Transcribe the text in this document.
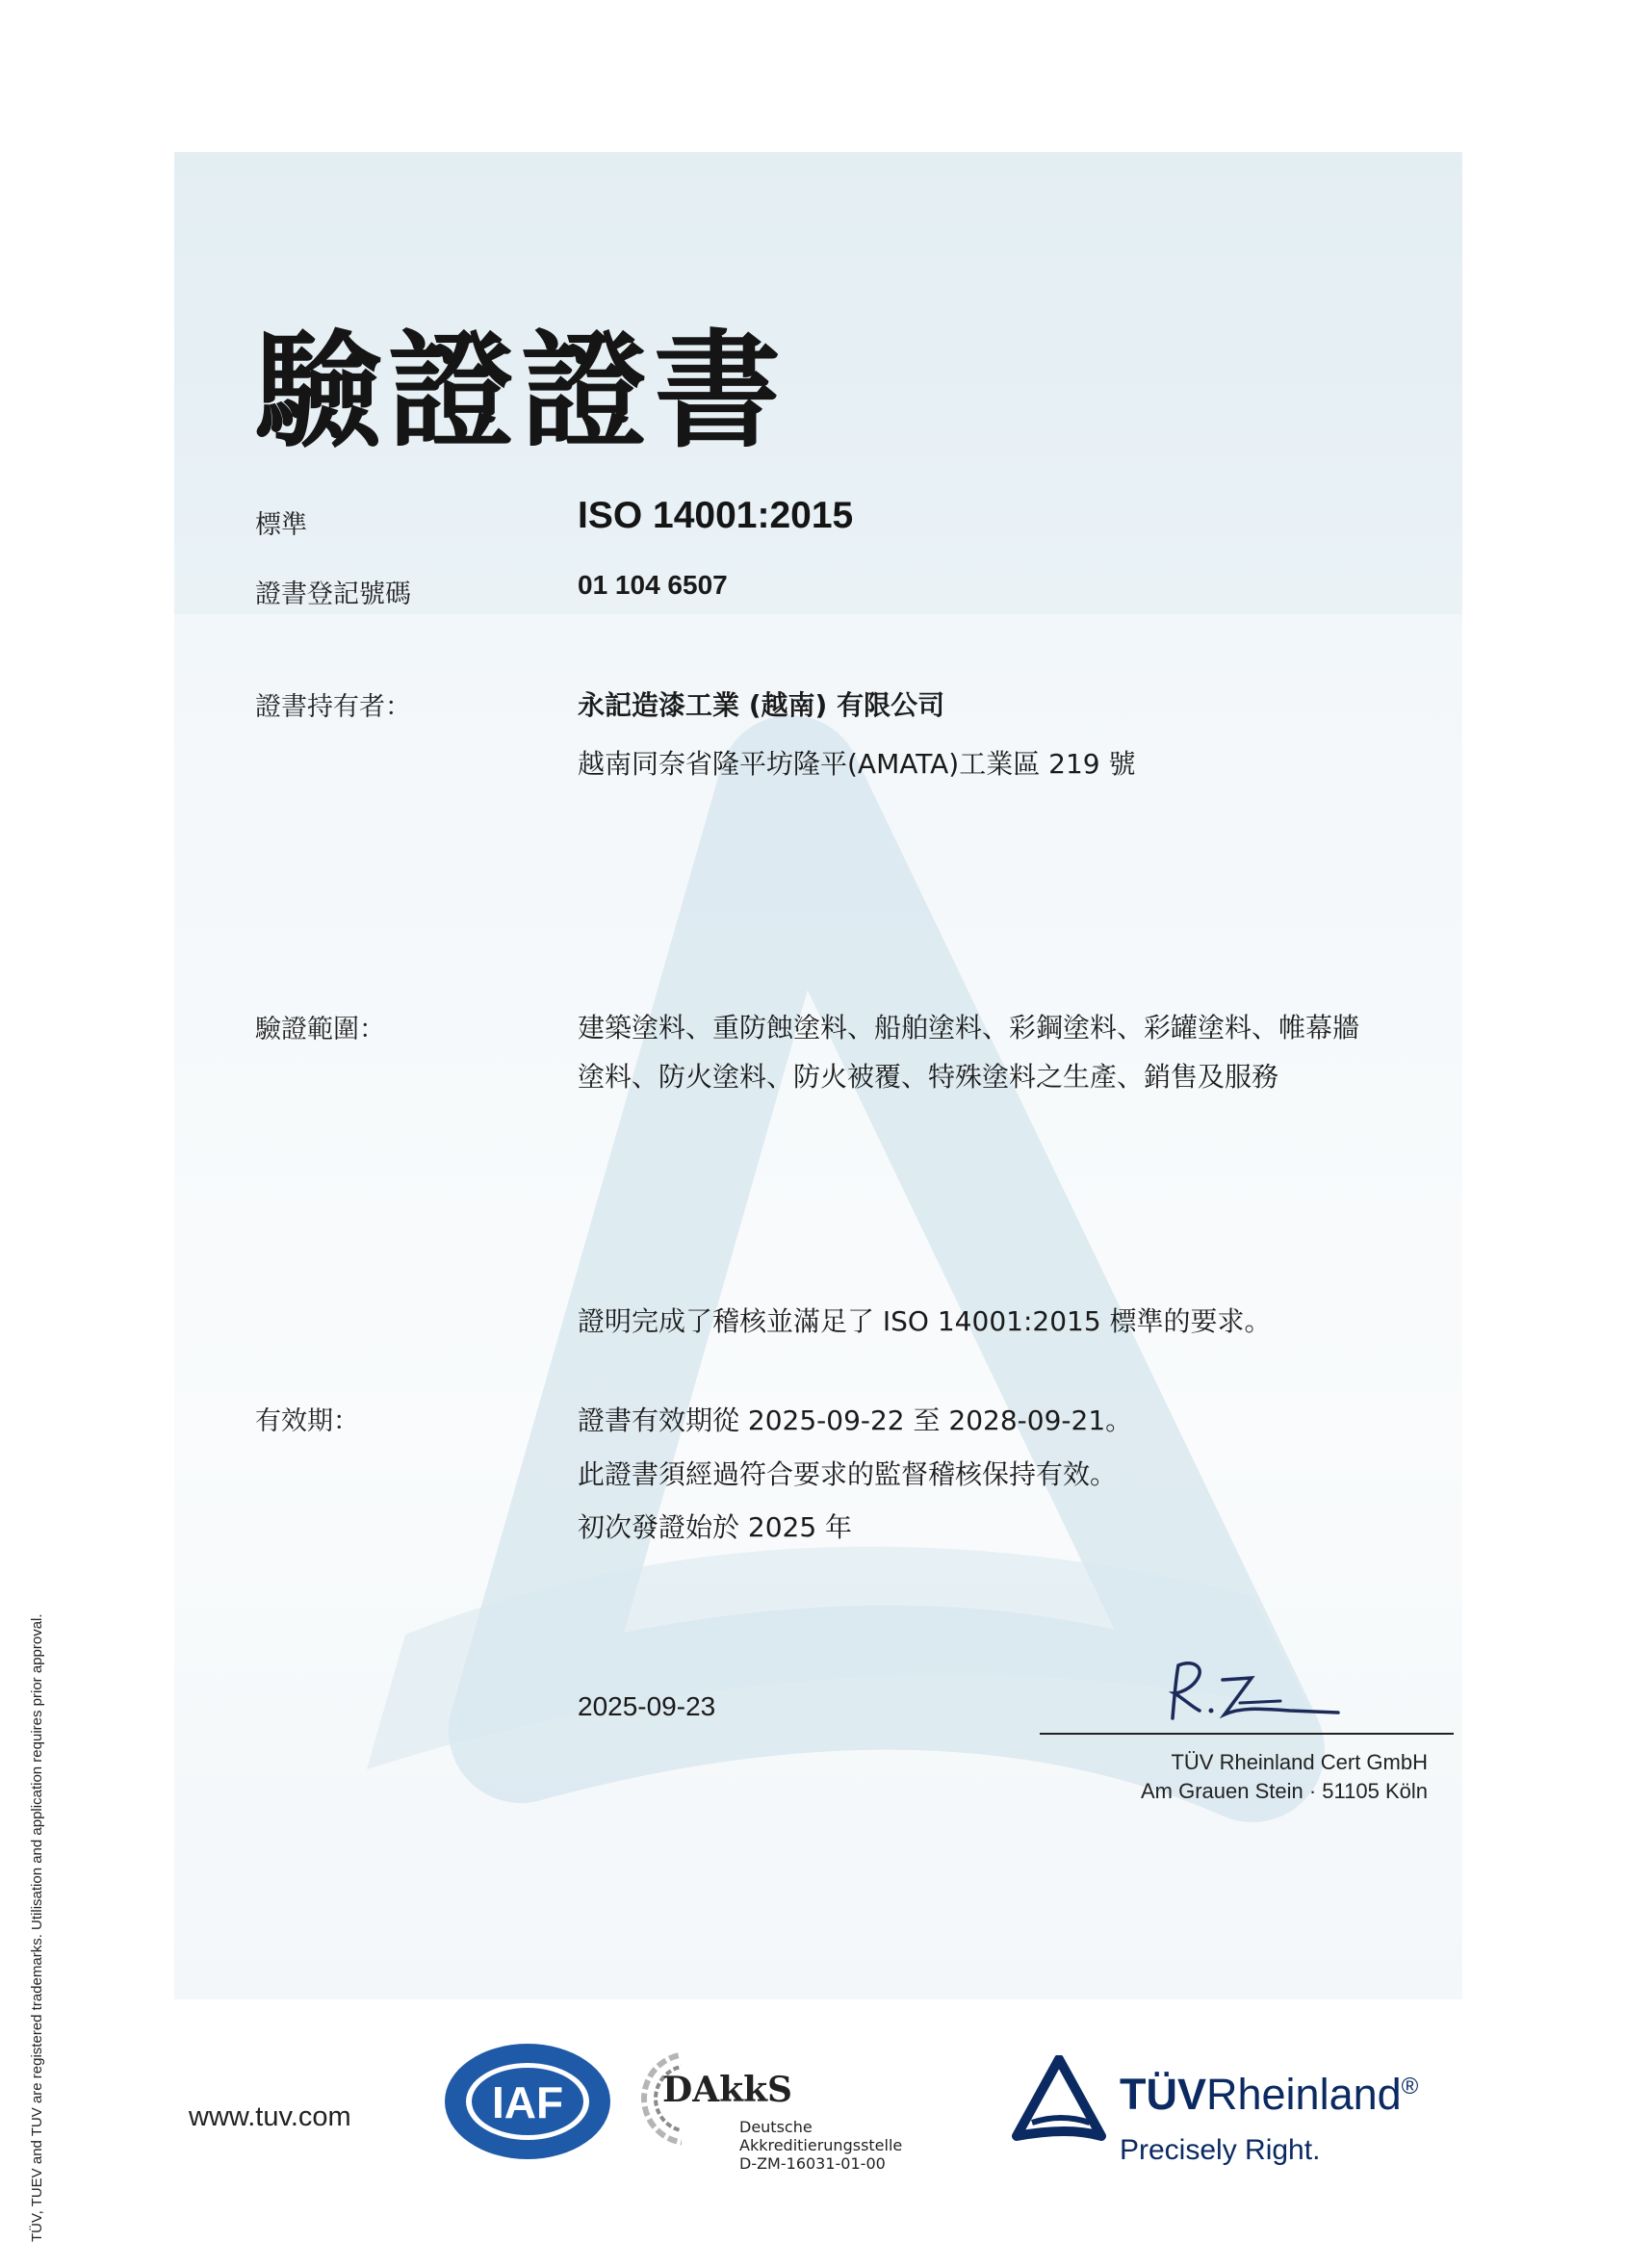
驗證證書
標準	ISO 14001:2015
證書登記號碼	01 104 6507
證書持有者：	永記造漆工業 (越南) 有限公司
越南同奈省隆平坊隆平(AMATA)工業區 219 號
驗證範圍：	建築塗料、重防蝕塗料、船舶塗料、彩鋼塗料、彩罐塗料、帷幕牆
塗料、防火塗料、防火被覆、特殊塗料之生產、銷售及服務
證明完成了稽核並滿足了 ISO 14001:2015 標準的要求。
有效期：	證書有效期從 2025-09-22 至 2028-09-21。
此證書須經過符合要求的監督稽核保持有效。
初次發證始於 2025 年
2025-09-23
TÜV Rheinland Cert GmbH
Am Grauen Stein · 51105 Köln
TÜV, TUEV and TUV are registered trademarks. Utilisation and application requires prior approval.	www.tuv.com	IAF	DAkkS
Deutsche
Akkreditierungsstelle
D-ZM-16031-01-00
TÜVRheinland®
Precisely Right.
